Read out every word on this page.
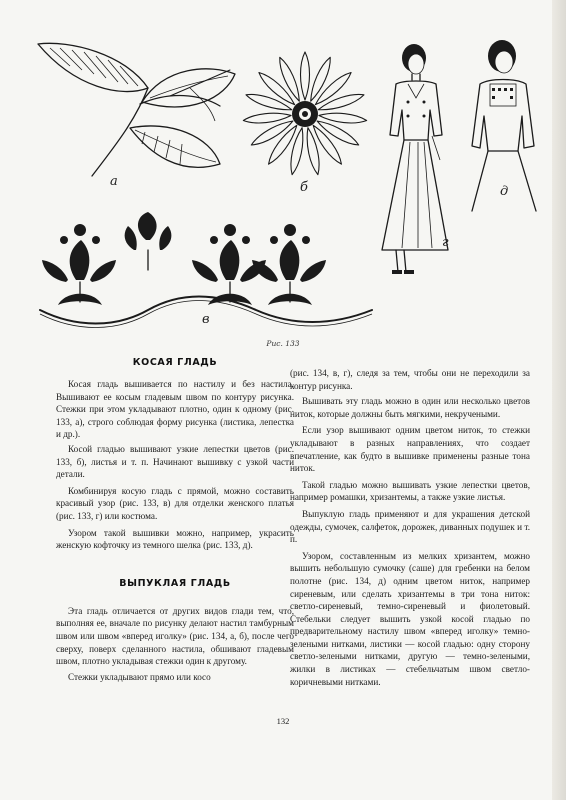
а	б
г
д
в
Рис. 133
КОСАЯ ГЛАДЬ

Косая гладь вышивается по настилу и без настила. Вышивают ее косым гладевым швом по контуру рисунка. Стежки при этом укладывают плотно, один к одному (рис. 133, а), строго соблюдая форму рисунка (листика, лепестка и др.).

Косой гладью вышивают узкие лепестки цветов (рис. 133, б), листья и т. п. Начинают вышивку с узкой части детали.

Комбинируя косую гладь с прямой, можно составить красивый узор (рис. 133, в) для отделки женского платья (рис. 133, г) или костюма.

Узором такой вышивки можно, например, украсить женскую кофточку из темного шелка (рис. 133, д).

ВЫПУКЛАЯ ГЛАДЬ

Эта гладь отличается от других видов глади тем, что, выполняя ее, вначале по рисунку делают настил тамбурным швом или швом «вперед иголку» (рис. 134, а, б), после чего сверху, поверх сделанного настила, обшивают гладевым швом, плотно укладывая стежки один к другому.

Стежки укладывают прямо или косо

(рис. 134, в, г), следя за тем, чтобы они не переходили за контур рисунка.

Вышивать эту гладь можно в один или несколько цветов ниток, которые должны быть мягкими, некручеными.

Если узор вышивают одним цветом ниток, то стежки укладывают в разных направлениях, что создает впечатление, как будто в вышивке применены разные тона ниток.

Такой гладью можно вышивать узкие лепестки цветов, например ромашки, хризантемы, а также узкие листья.

Выпуклую гладь применяют и для украшения детской одежды, сумочек, салфеток, дорожек, диванных подушек и т. п.

Узором, составленным из мелких хризантем, можно вышить небольшую сумочку (саше) для гребенки на белом полотне (рис. 134, д) одним цветом ниток, например сиреневым, или сделать хризантемы в три тона ниток: светло-сиреневый, темно-сиреневый и фиолетовый. Стебельки следует вышить узкой косой гладью по предварительному настилу швом «вперед иголку» темно-зелеными нитками, листики — косой гладью: одну сторону светло-зелеными нитками, другую — темно-зелеными, жилки в листиках — стебельчатым швом светло-коричневыми нитками.

132
